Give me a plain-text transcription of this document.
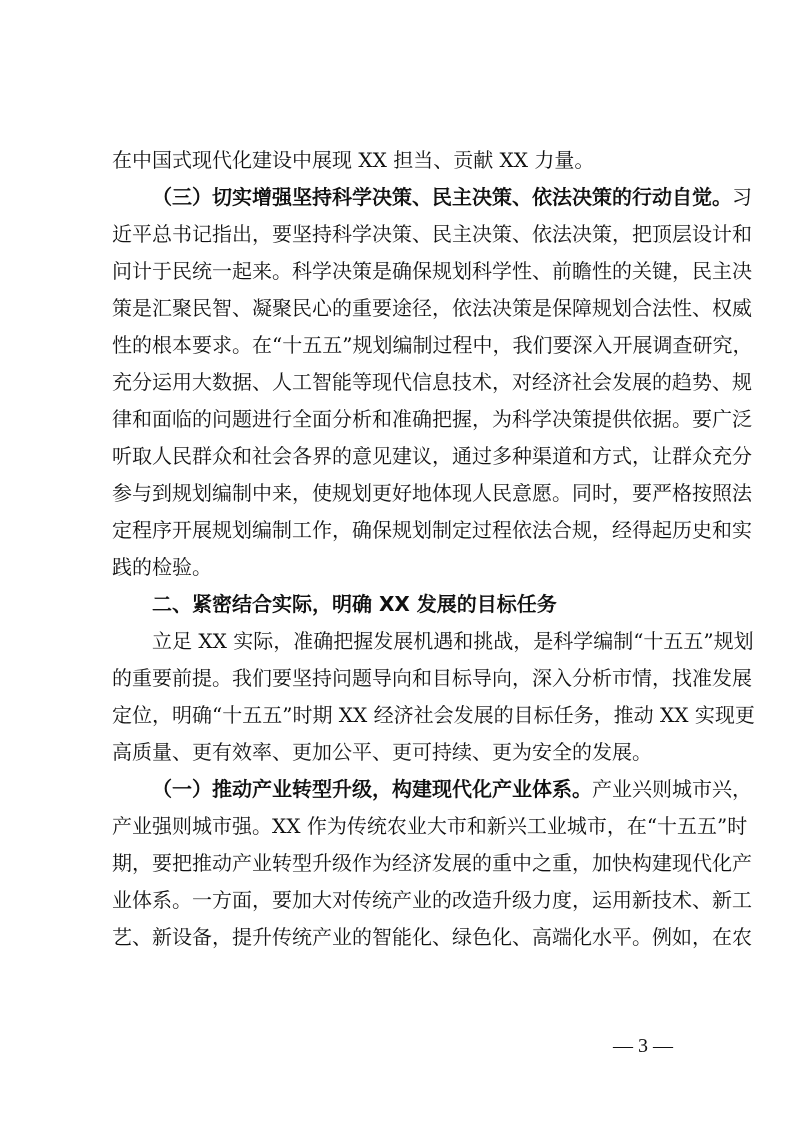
在中国式现代化建设中展现 XX 担当、贡献 XX 力量。
（三）切实增强坚持科学决策、民主决策、依法决策的行动自觉。习
近平总书记指出，要坚持科学决策、民主决策、依法决策，把顶层设计和
问计于民统一起来。科学决策是确保规划科学性、前瞻性的关键，民主决
策是汇聚民智、凝聚民心的重要途径，依法决策是保障规划合法性、权威
性的根本要求。在“十五五”规划编制过程中，我们要深入开展调查研究，
充分运用大数据、人工智能等现代信息技术，对经济社会发展的趋势、规
律和面临的问题进行全面分析和准确把握，为科学决策提供依据。要广泛
听取人民群众和社会各界的意见建议，通过多种渠道和方式，让群众充分
参与到规划编制中来，使规划更好地体现人民意愿。同时，要严格按照法
定程序开展规划编制工作，确保规划制定过程依法合规，经得起历史和实
践的检验。
二、紧密结合实际，明确 XX 发展的目标任务
立足 XX 实际，准确把握发展机遇和挑战，是科学编制“十五五”规划
的重要前提。我们要坚持问题导向和目标导向，深入分析市情，找准发展
定位，明确“十五五”时期 XX 经济社会发展的目标任务，推动 XX 实现更
高质量、更有效率、更加公平、更可持续、更为安全的发展。
（一）推动产业转型升级，构建现代化产业体系。产业兴则城市兴，
产业强则城市强。XX 作为传统农业大市和新兴工业城市，在“十五五”时
期，要把推动产业转型升级作为经济发展的重中之重，加快构建现代化产
业体系。一方面，要加大对传统产业的改造升级力度，运用新技术、新工
艺、新设备，提升传统产业的智能化、绿色化、高端化水平。例如，在农
— 3 —
